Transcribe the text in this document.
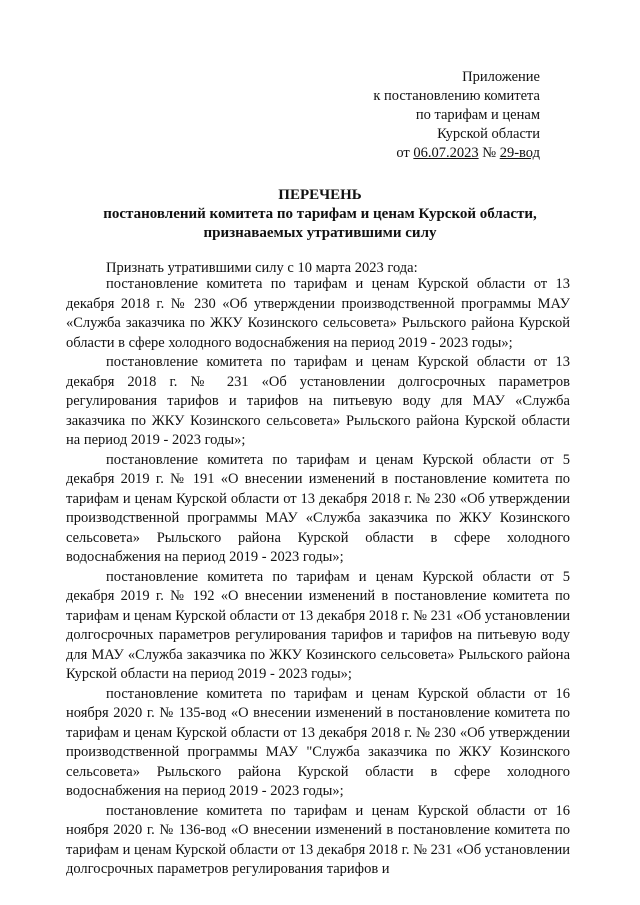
Приложение
к постановлению комитета
по тарифам и ценам
Курской области
от 06.07.2023 № 29-вод
ПЕРЕЧЕНЬ
постановлений комитета по тарифам и ценам Курской области,
признаваемых утратившими силу
Признать утратившими силу с 10 марта 2023 года:

постановление комитета по тарифам и ценам Курской области от 13 декабря 2018 г. № 230 «Об утверждении производственной программы МАУ «Служба заказчика по ЖКУ Козинского сельсовета» Рыльского района Курской области в сфере холодного водоснабжения на период 2019 - 2023 годы»;

постановление комитета по тарифам и ценам Курской области от 13 декабря 2018 г. № 231 «Об установлении долгосрочных параметров регулирования тарифов и тарифов на питьевую воду для МАУ «Служба заказчика по ЖКУ Козинского сельсовета» Рыльского района Курской области на период 2019 - 2023 годы»;

постановление комитета по тарифам и ценам Курской области от 5 декабря 2019 г. № 191 «О внесении изменений в постановление комитета по тарифам и ценам Курской области от 13 декабря 2018 г. № 230 «Об утверждении производственной программы МАУ «Служба заказчика по ЖКУ Козинского сельсовета» Рыльского района Курской области в сфере холодного водоснабжения на период 2019 - 2023 годы»;

постановление комитета по тарифам и ценам Курской области от 5 декабря 2019 г. № 192 «О внесении изменений в постановление комитета по тарифам и ценам Курской области от 13 декабря 2018 г. № 231 «Об установлении долгосрочных параметров регулирования тарифов и тарифов на питьевую воду для МАУ «Служба заказчика по ЖКУ Козинского сельсовета» Рыльского района Курской области на период 2019 - 2023 годы»;

постановление комитета по тарифам и ценам Курской области от 16 ноября 2020 г. № 135-вод «О внесении изменений в постановление комитета по тарифам и ценам Курской области от 13 декабря 2018 г. № 230 «Об утверждении производственной программы МАУ "Служба заказчика по ЖКУ Козинского сельсовета» Рыльского района Курской области в сфере холодного водоснабжения на период 2019 - 2023 годы»;

постановление комитета по тарифам и ценам Курской области от 16 ноября 2020 г. № 136-вод «О внесении изменений в постановление комитета по тарифам и ценам Курской области от 13 декабря 2018 г. № 231 «Об установлении долгосрочных параметров регулирования тарифов и
